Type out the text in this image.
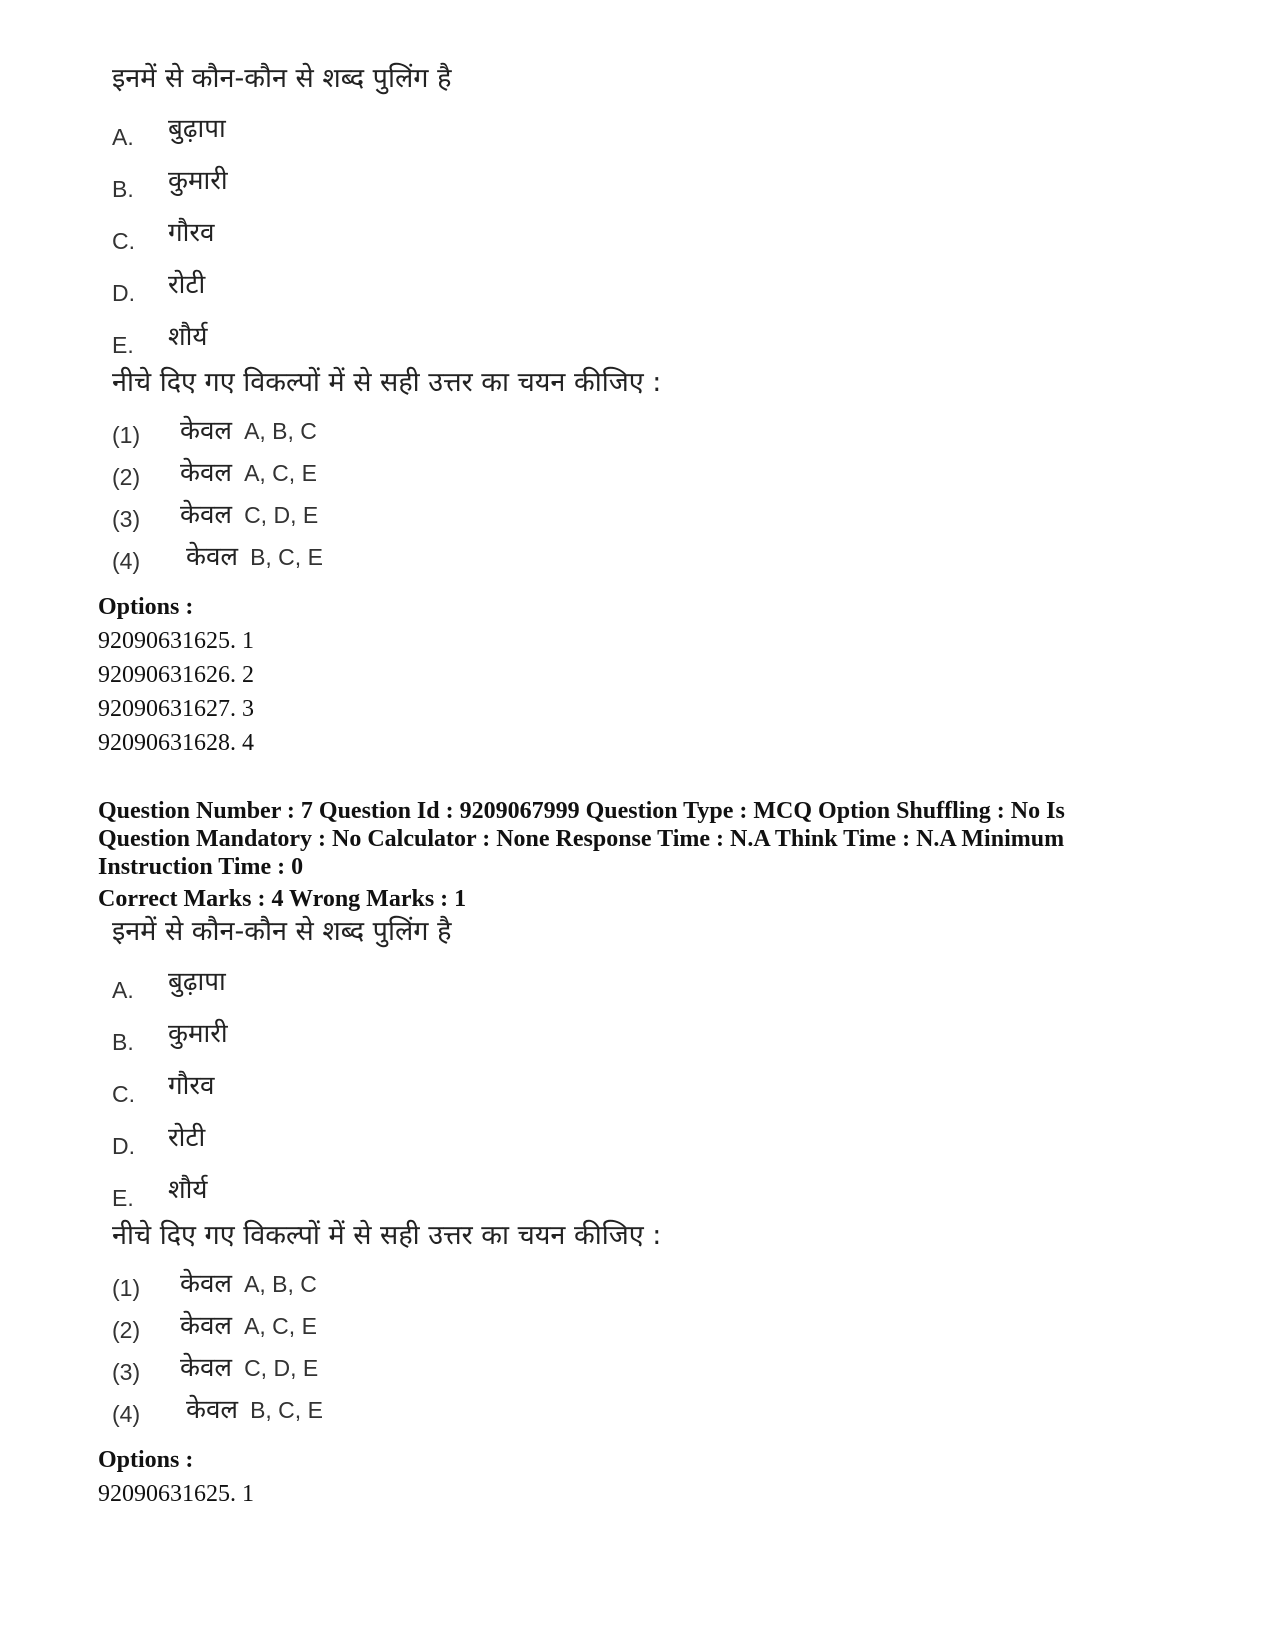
इनमें से कौन-कौन से शब्द पुलिंग है
A. बुढ़ापा
B. कुमारी
C. गौरव
D. रोटी
E. शौर्य
नीचे दिए गए विकल्पों में से सही उत्तर का चयन कीजिए :
(1) केवल A, B, C
(2) केवल A, C, E
(3) केवल C, D, E
(4) केवल B, C, E
Options :
92090631625. 1
92090631626. 2
92090631627. 3
92090631628. 4
Question Number : 7 Question Id : 9209067999 Question Type : MCQ Option Shuffling : No Is
Question Mandatory : No Calculator : None Response Time : N.A Think Time : N.A Minimum
Instruction Time : 0
Correct Marks : 4 Wrong Marks : 1
इनमें से कौन-कौन से शब्द पुलिंग है
A. बुढ़ापा
B. कुमारी
C. गौरव
D. रोटी
E. शौर्य
नीचे दिए गए विकल्पों में से सही उत्तर का चयन कीजिए :
(1) केवल A, B, C
(2) केवल A, C, E
(3) केवल C, D, E
(4) केवल B, C, E
Options :
92090631625. 1
